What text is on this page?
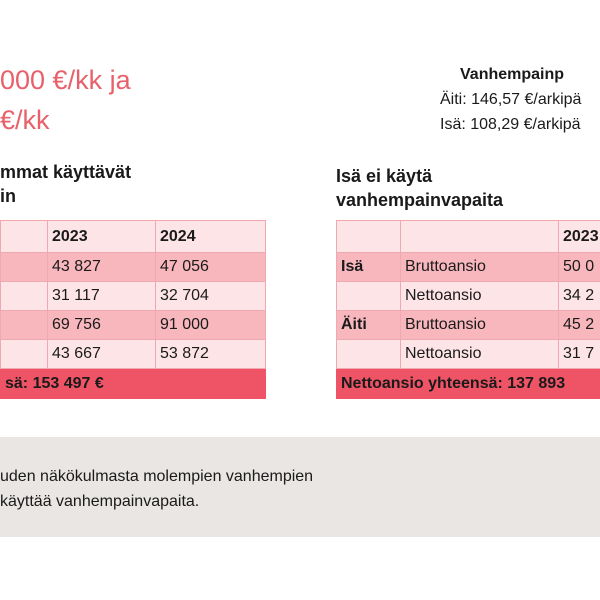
000 €/kk ja
€/kk
Vanhempainp
Äiti: 146,57 €/arkipä
Isä: 108,29 €/arkipä
mmat käyttävät
in
Isä ei käytä
vanhempainvapaita
	2023	2024
	43 827	47 056
	31 117	32 704
	69 756	91 000
	43 667	53 872
sä: 153 497 €		
		2023
Isä	Bruttoansio	50 0
	Nettoansio	34 2
Äiti	Bruttoansio	45 2
	Nettoansio	31 7
Nettoansio yhteensä: 137 893		
uden näkökulmasta molempien vanhempien
käyttää vanhempainvapaita.
